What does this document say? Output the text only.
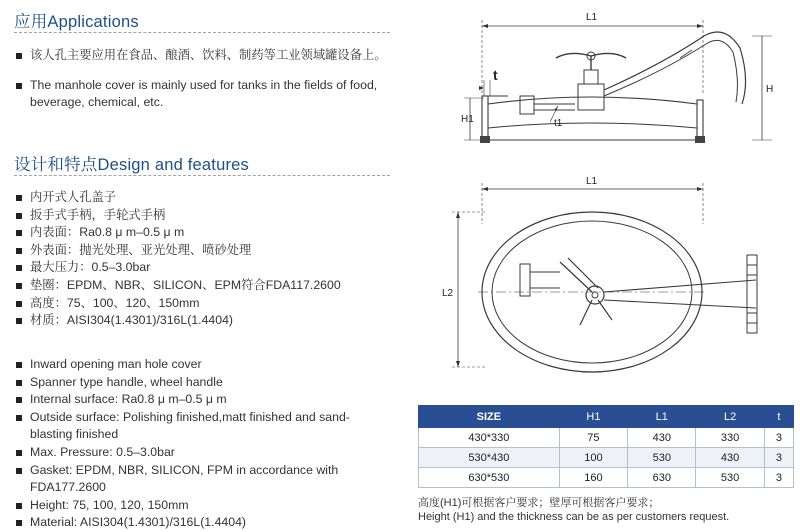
应用Applications
该人孔主要应用在食品、酿酒、饮料、制药等工业领域罐设备上。
The manhole cover is mainly used for tanks in the fields of food, beverage, chemical, etc.
设计和特点Design and features
内开式人孔盖子
扳手式手柄，手轮式手柄
内表面：Ra0.8 μ m–0.5 μ m
外表面：抛光处理、亚光处理、喷砂处理
最大压力：0.5–3.0bar
垫圈：EPDM、NBR、SILICON、EPM符合FDA117.2600
高度：75、100、120、150mm
材质：AISI304(1.4301)/316L(1.4404)
Inward opening man hole cover
Spanner type handle, wheel handle
Internal surface: Ra0.8 μ m–0.5 μ m
Outside surface: Polishing finished,matt finished and sand-blasting finished
Max. Pressure: 0.5–3.0bar
Gasket: EPDM, NBR, SILICON, FPM in accordance with FDA177.2600
Height: 75, 100, 120, 150mm
Material: AISI304(1.4301)/316L(1.4404)
L1
t
H1	t1
H
L1
L2
SIZE	H1	L1	L2	t
430*330	75	430	330	3
530*430	100	530	430	3
630*530	160	630	530	3
高度(H1)可根据客户要求；壁厚可根据客户要求；
Height (H1) and the thickness can be as per customers request.
